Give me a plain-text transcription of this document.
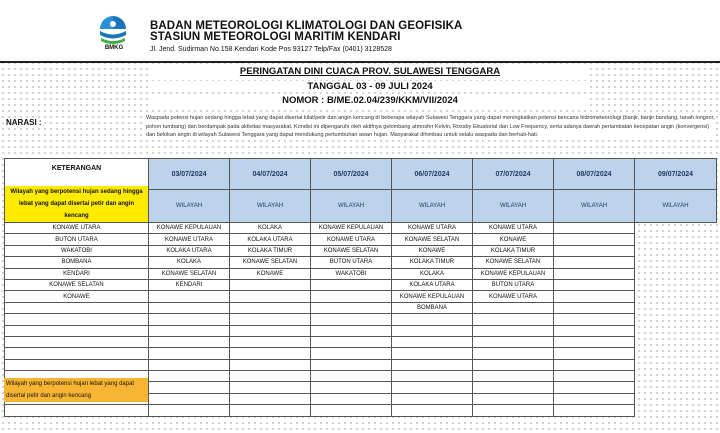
BMKG
BADAN METEOROLOGI KLIMATOLOGI DAN GEOFISIKA
STASIUN METEOROLOGI MARITIM KENDARI
Jl. Jend. Sudirman No.158 Kendari Kode Pos 93127 Telp/Fax (0401) 3128528
PERINGATAN DINI CUACA PROV. SULAWESI TENGGARA
TANGGAL 03 - 09 JULI 2024
NOMOR : B/ME.02.04/239/KKM/VII/2024
NARASI :	Waspada potensi hujan sedang hingga lebat yang dapat disertai kilat/petir dan angin kencang di beberapa wilayah Sulawesi Tenggara yang dapat meningkatkan potensi bencana hidrometeorologi (banjir, banjir bandang, tanah longsor, pohon tumbang) dan berdampak pada aktivitas masyarakat. Kondisi ini dipengaruhi oleh aktifnya gelombang atmosfer Kelvin, Rossby Ekuatorial dan Low Frequency, serta adanya daerah perlambatan kecepatan angin (konvergensi) dan belokan angin di wilayah Sulawesi Tenggara yang dapat mendukung pertumbuhan awan hujan. Masyarakat dihimbau untuk selalu waspada dan berhati-hati.
KETERANGAN
Wilayah yang berpotensi hujan sedang hingga lebat yang dapat disertai petir dan angin kencang	03/07/2024	04/07/2024	05/07/2024	06/07/2024	07/07/2024	08/07/2024	09/07/2024
	WILAYAH	WILAYAH	WILAYAH	WILAYAH	WILAYAH	WILAYAH	WILAYAH
KONAWE UTARA	KONAWE KEPULAUAN	KOLAKA	KONAWE KEPULAUAN	KONAWE UTARA	KONAWE UTARA		
BUTON UTARA	KONAWE UTARA	KOLAKA UTARA	KONAWE UTARA	KONAWE SELATAN	KONAWE		
WAKATOBI	KOLAKA UTARA	KOLAKA TIMUR	KONAWE SELATAN	KONAWE	KOLAKA TIMUR		
BOMBANA	KOLAKA	KONAWE SELATAN	BUTON UTARA	KOLAKA TIMUR	KONAWE SELATAN		
KENDARI	KONAWE SELATAN	KONAWE	WAKATOBI	KOLAKA	KONAWE KEPULAUAN		
KONAWE SELATAN	KENDARI			KOLAKA UTARA	BUTON UTARA		
KONAWE				KONAWE KEPULAUAN	KONAWE UTARA		
				BOMBANA			

Wilayah yang berpotensi hujan lebat yang dapat disertai petir dan angin kencang
